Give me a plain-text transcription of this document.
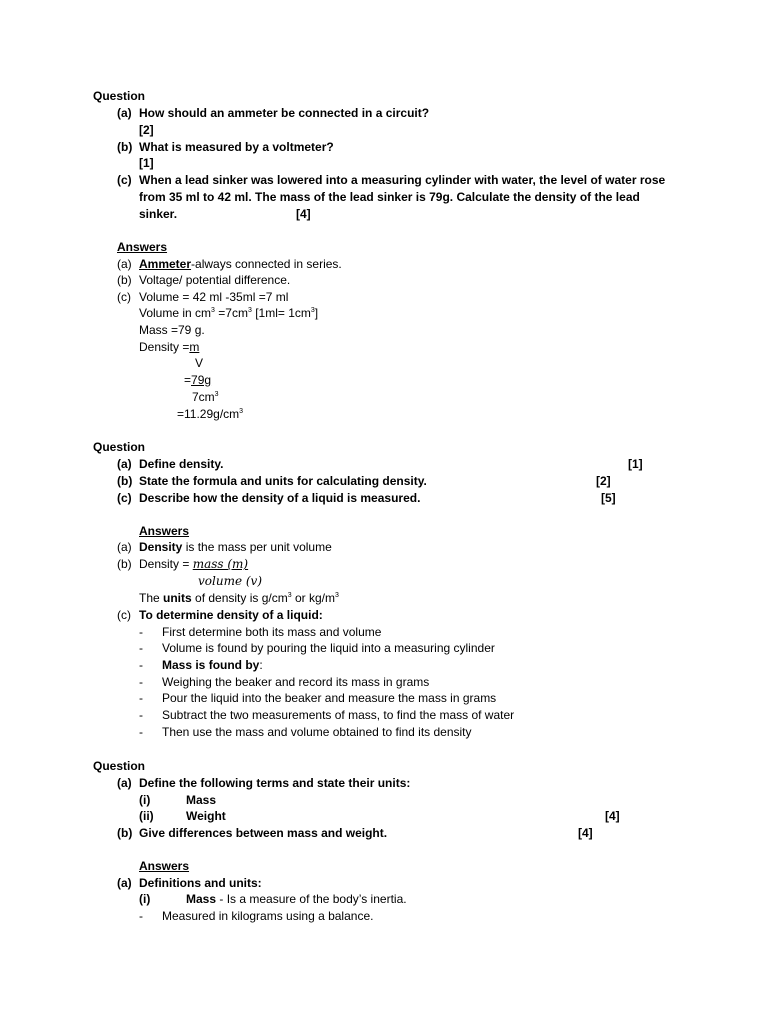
Question
(a) How should an ammeter be connected in a circuit?
[2]
(b) What is measured by a voltmeter?
[1]
(c) When a lead sinker was lowered into a measuring cylinder with water, the level of water rose
from 35 ml to 42 ml. The mass of the lead sinker is 79g. Calculate the density of the lead
sinker.	[4]
Answers
(a) Ammeter-always connected in series.
(b) Voltage/ potential difference.
(c) Volume = 42 ml -35ml =7 ml
Volume in $cm^3 =7cm^3$ $[1ml= 1cm^3]$
Mass =79 g.
Density =m
V
=79g
$7cm^3$
$=11.29g/cm^3$
Question
(a) Define density.	[1]
(b) State the formula and units for calculating density.	[2]
(c) Describe how the density of a liquid is measured.	[5]
Answers
(a) Density is the mass per unit volume
(b) Density = mass (m)
volume (v)
The units of density is $g/cm^3$ or $kg/m^3$
(c) To determine density of a liquid:
- First determine both its mass and volume
- Volume is found by pouring the liquid into a measuring cylinder
- Mass is found by:
- Weighing the beaker and record its mass in grams
- Pour the liquid into the beaker and measure the mass in grams
- Subtract the two measurements of mass, to find the mass of water
- Then use the mass and volume obtained to find its density
Question
(a) Define the following terms and state their units:
(i)	Mass
(ii)	Weight	[4]
(b) Give differences between mass and weight.	[4]
Answers
(a) Definitions and units:
(i)	Mass - Is a measure of the body’s inertia.
- Measured in kilograms using a balance.
